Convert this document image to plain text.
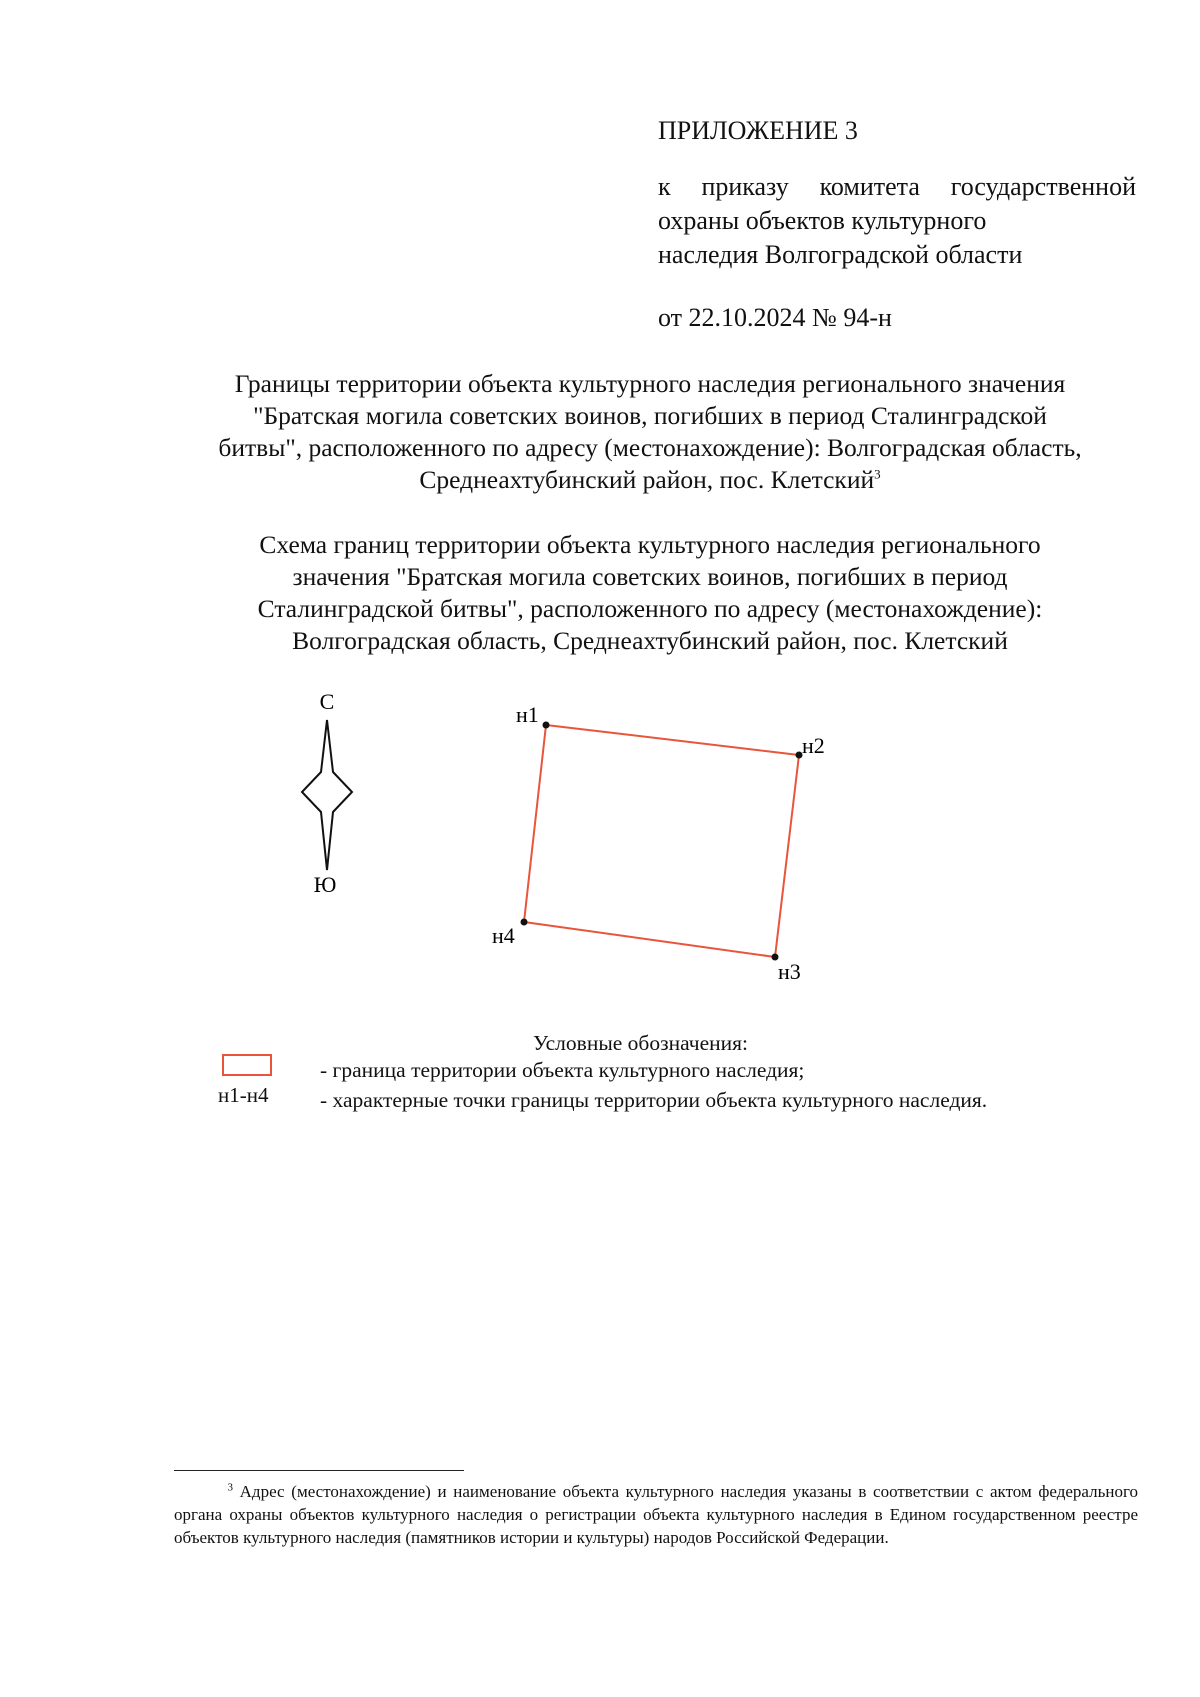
ПРИЛОЖЕНИЕ 3
к приказу комитета государственной
охраны объектов культурного
наследия Волгоградской области
от 22.10.2024 № 94-н
Границы территории объекта культурного наследия регионального значения
"Братская могила советских воинов, погибших в период Сталинградской
битвы", расположенного по адресу (местонахождение): Волгоградская область,
Среднеахтубинский район, пос. Клетский$^3$
Схема границ территории объекта культурного наследия регионального
значения "Братская могила советских воинов, погибших в период
Сталинградской битвы", расположенного по адресу (местонахождение):
Волгоградская область, Среднеахтубинский район, пос. Клетский
С
Ю
н1
н2
н3
н4
Условные обозначения:
н1-н4
- граница территории объекта культурного наследия;
- характерные точки границы территории объекта культурного наследия.
$^3$ Адрес (местонахождение) и наименование объекта культурного наследия указаны в соответствии с актом федерального органа охраны объектов культурного наследия о регистрации объекта культурного наследия в Едином государственном реестре объектов культурного наследия (памятников истории и культуры) народов Российской Федерации.
